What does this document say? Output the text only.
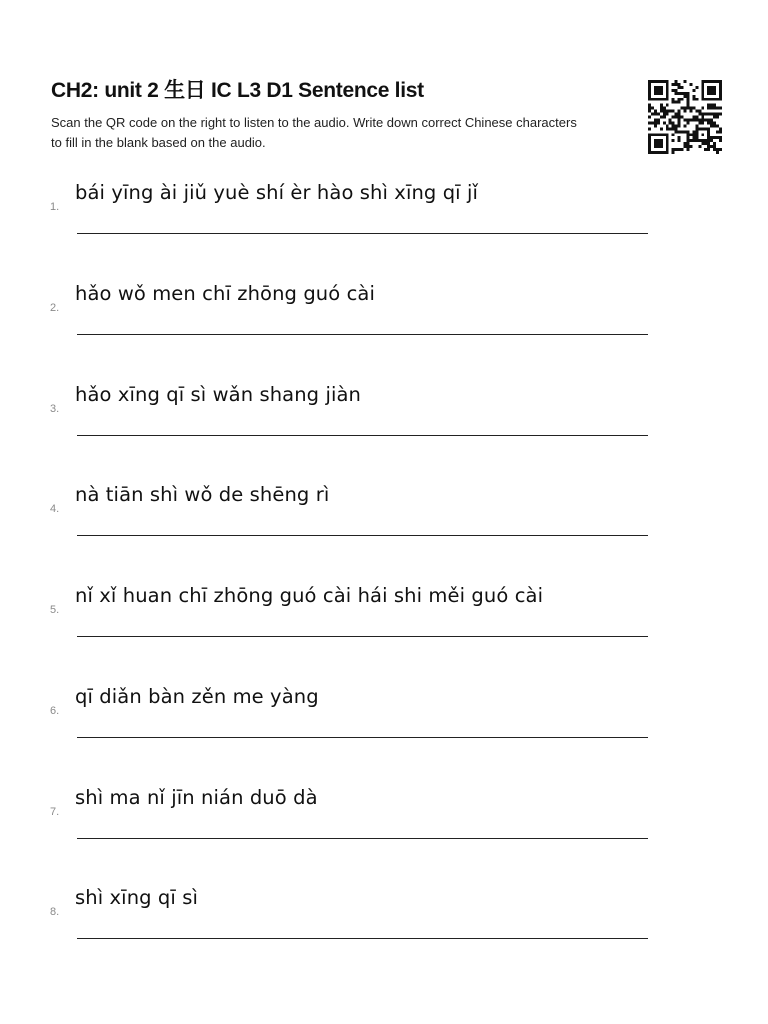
CH2: unit 2 生日 IC L3 D1 Sentence list

Scan the QR code on the right to listen to the audio. Write down correct Chinese characters to fill in the blank based on the audio.

1.
bái yīng ài jiǔ yuè shí èr hào shì xīng qī jǐ
2.
hǎo wǒ men chī zhōng guó cài
3.
hǎo xīng qī sì wǎn shang jiàn
4.
nà tiān shì wǒ de shēng rì
5.
nǐ xǐ huan chī zhōng guó cài hái shi měi guó cài
6.
qī diǎn bàn zěn me yàng
7.
shì ma nǐ jīn nián duō dà
8.
shì xīng qī sì
